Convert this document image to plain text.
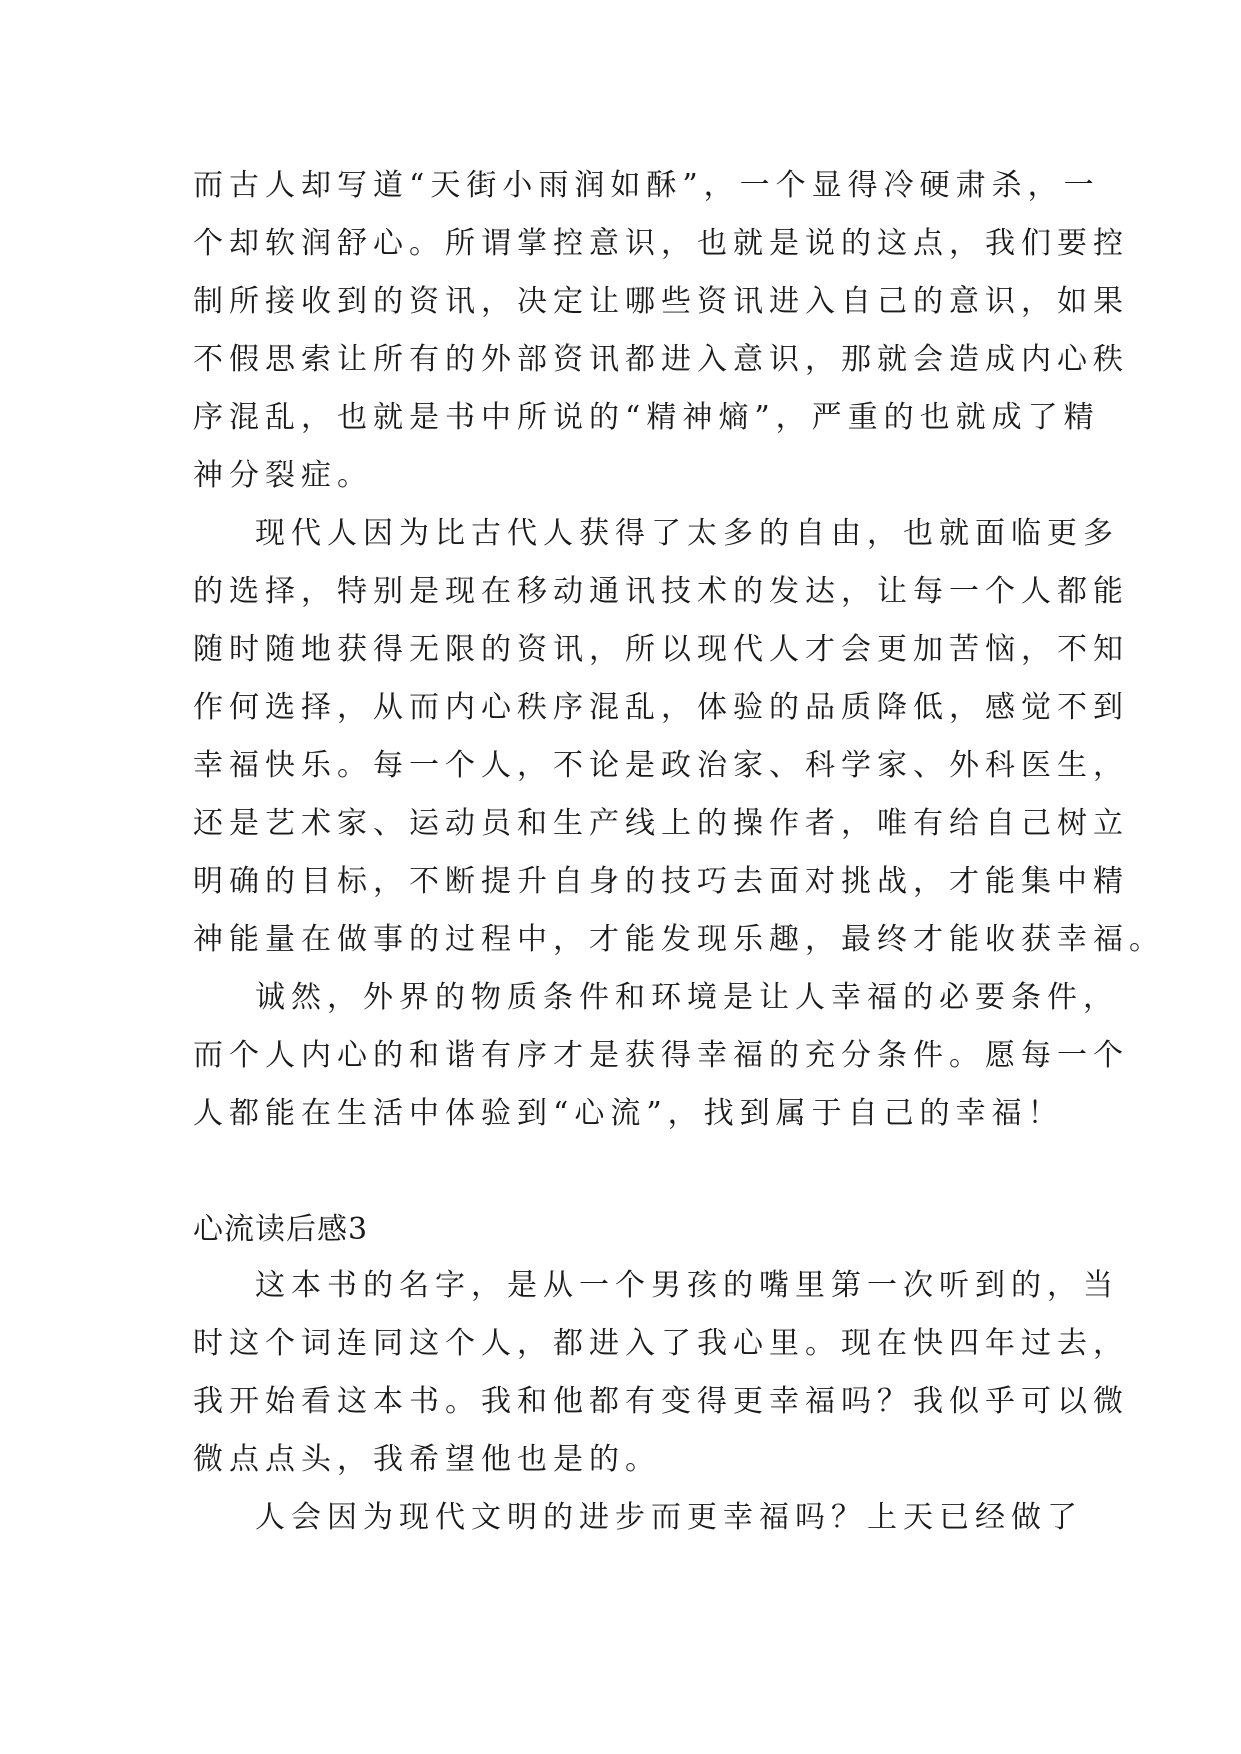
而古人却写道“天街小雨润如酥”，一个显得冷硬肃杀，一
个却软润舒心。所谓掌控意识，也就是说的这点，我们要控
制所接收到的资讯，决定让哪些资讯进入自己的意识，如果
不假思索让所有的外部资讯都进入意识，那就会造成内心秩
序混乱，也就是书中所说的“精神熵”，严重的也就成了精
神分裂症。
现代人因为比古代人获得了太多的自由，也就面临更多
的选择，特别是现在移动通讯技术的发达，让每一个人都能
随时随地获得无限的资讯，所以现代人才会更加苦恼，不知
作何选择，从而内心秩序混乱，体验的品质降低，感觉不到
幸福快乐。每一个人，不论是政治家、科学家、外科医生，
还是艺术家、运动员和生产线上的操作者，唯有给自己树立
明确的目标，不断提升自身的技巧去面对挑战，才能集中精
神能量在做事的过程中，才能发现乐趣，最终才能收获幸福。
诚然，外界的物质条件和环境是让人幸福的必要条件，
而个人内心的和谐有序才是获得幸福的充分条件。愿每一个
人都能在生活中体验到“心流”，找到属于自己的幸福！
心流读后感3
这本书的名字，是从一个男孩的嘴里第一次听到的，当
时这个词连同这个人，都进入了我心里。现在快四年过去，
我开始看这本书。我和他都有变得更幸福吗？我似乎可以微
微点点头，我希望他也是的。
人会因为现代文明的进步而更幸福吗？上天已经做了
